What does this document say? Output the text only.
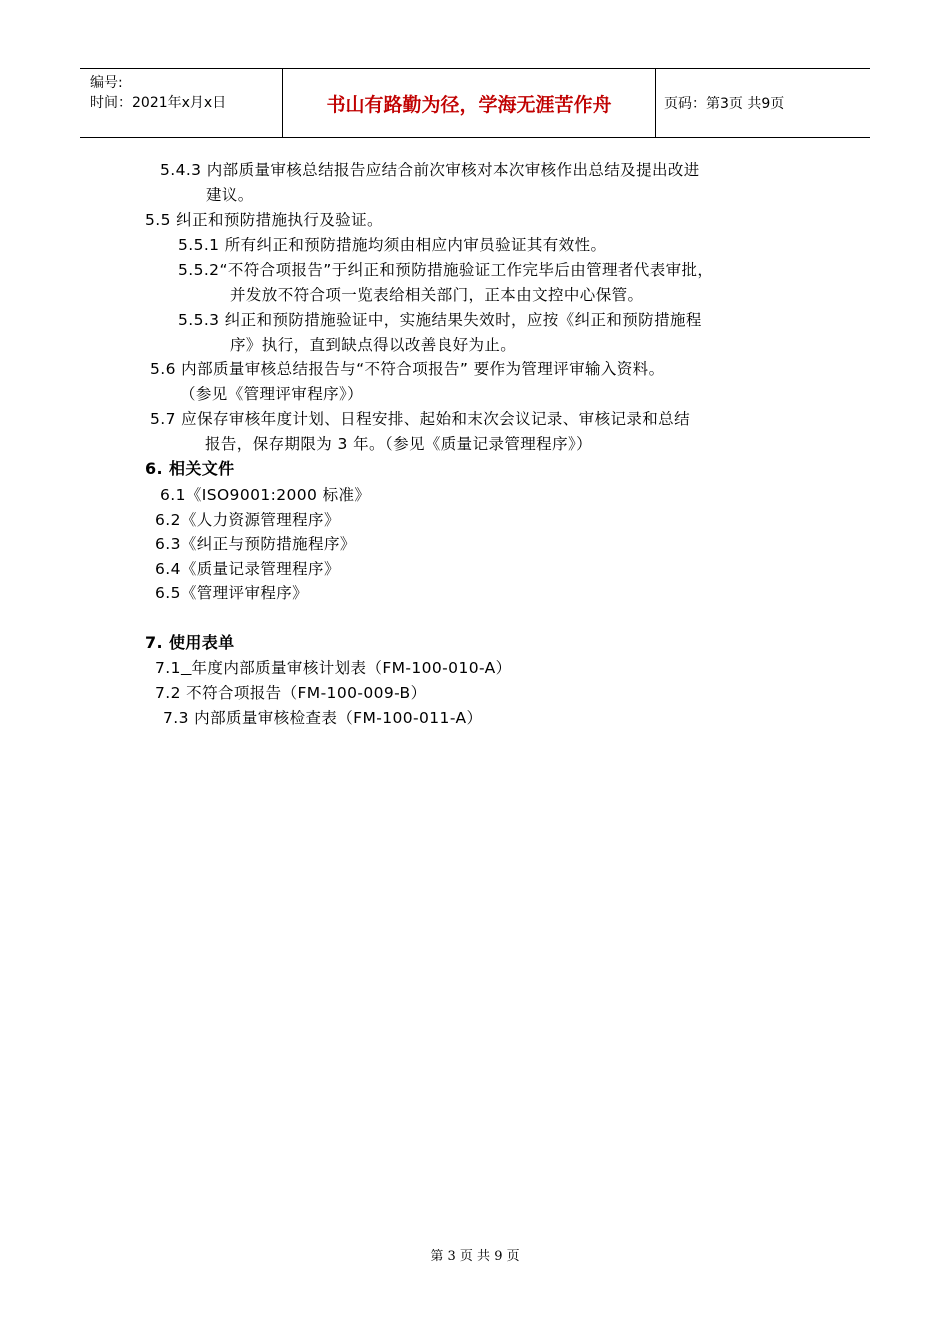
编号:
时间：2021年x月x日	书山有路勤为径，学海无涯苦作舟	页码：第3页 共9页
5.4.3 内部质量审核总结报告应结合前次审核对本次审核作出总结及提出改进
建议。
5.5 纠正和预防措施执行及验证。
5.5.1 所有纠正和预防措施均须由相应内审员验证其有效性。
5.5.2“不符合项报告”于纠正和预防措施验证工作完毕后由管理者代表审批，
并发放不符合项一览表给相关部门，正本由文控中心保管。
5.5.3 纠正和预防措施验证中，实施结果失效时，应按《纠正和预防措施程
序》执行，直到缺点得以改善良好为止。
5.6 内部质量审核总结报告与“不符合项报告” 要作为管理评审输入资料。
（参见《管理评审程序》）
5.7 应保存审核年度计划、日程安排、起始和末次会议记录、审核记录和总结
报告，保存期限为 3 年。（参见《质量记录管理程序》）
6. 相关文件
6.1《ISO9001:2000 标准》
6.2《人力资源管理程序》
6.3《纠正与预防措施程序》
6.4《质量记录管理程序》
6.5《管理评审程序》
7. 使用表单
7.1 年度内部质量审核计划表（FM-100-010-A）
7.2 不符合项报告（FM-100-009-B）
7.3 内部质量审核检查表（FM-100-011-A）
第 3 页 共 9 页
